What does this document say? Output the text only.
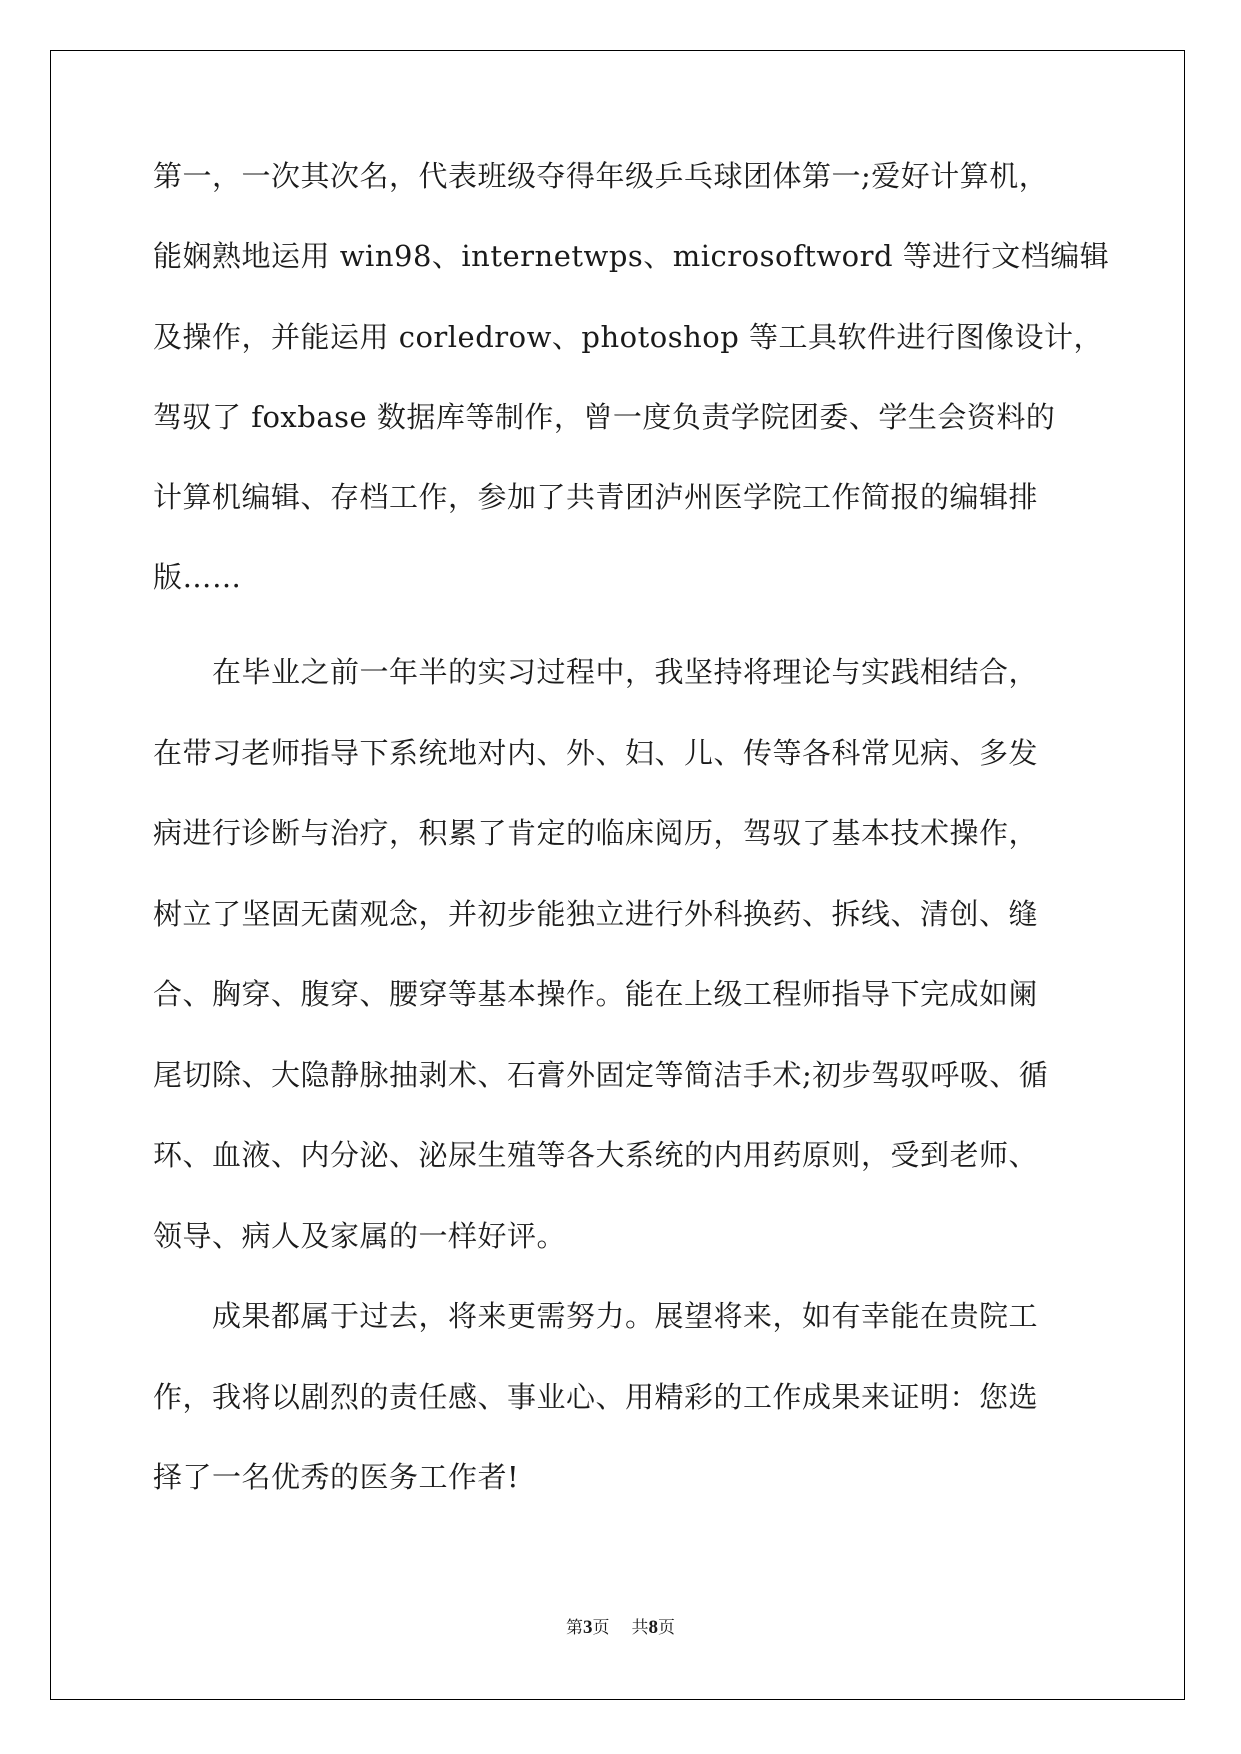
第一，一次其次名，代表班级夺得年级乒乓球团体第一;爱好计算机，
能娴熟地运用 win98、internetwps、microsoftword 等进行文档编辑
及操作，并能运用 corledrow、photoshop 等工具软件进行图像设计，
驾驭了 foxbase 数据库等制作，曾一度负责学院团委、学生会资料的
计算机编辑、存档工作，参加了共青团泸州医学院工作简报的编辑排
版……
在毕业之前一年半的实习过程中，我坚持将理论与实践相结合，
在带习老师指导下系统地对内、外、妇、儿、传等各科常见病、多发
病进行诊断与治疗，积累了肯定的临床阅历，驾驭了基本技术操作，
树立了坚固无菌观念，并初步能独立进行外科换药、拆线、清创、缝
合、胸穿、腹穿、腰穿等基本操作。能在上级工程师指导下完成如阑
尾切除、大隐静脉抽剥术、石膏外固定等简洁手术;初步驾驭呼吸、循
环、血液、内分泌、泌尿生殖等各大系统的内用药原则，受到老师、
领导、病人及家属的一样好评。
成果都属于过去，将来更需努力。展望将来，如有幸能在贵院工
作，我将以剧烈的责任感、事业心、用精彩的工作成果来证明：您选
择了一名优秀的医务工作者!
第3页 共8页
